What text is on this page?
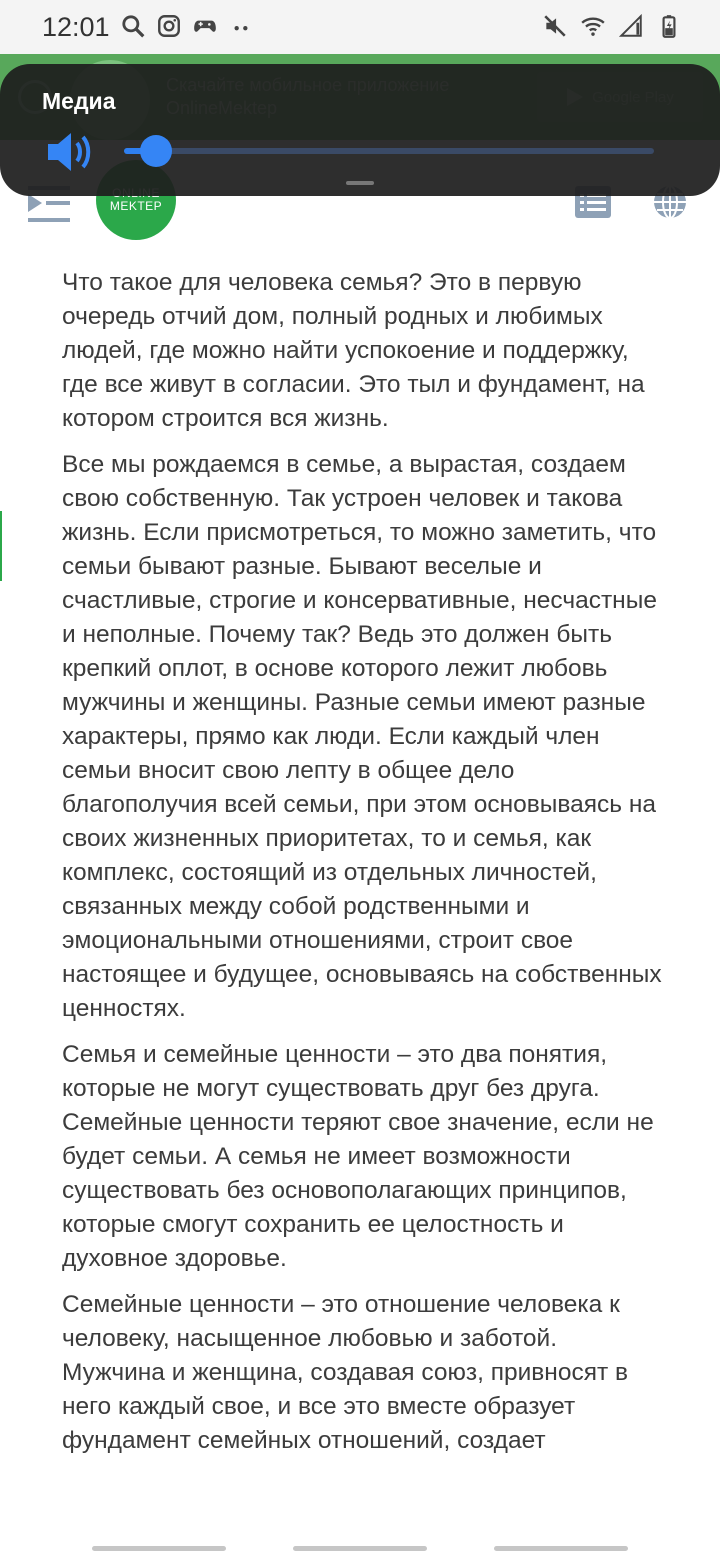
12:01
MEKTEP
Медиа

Что такое для человека семья? Это в первую очередь отчий дом, полный родных и любимых людей, где можно найти успокоение и поддержку, где все живут в согласии. Это тыл и фундамент, на котором строится вся жизнь.

Все мы рождаемся в семье, а вырастая, создаем свою собственную. Так устроен человек и такова жизнь. Если присмотреться, то можно заметить, что семьи бывают разные. Бывают веселые и счастливые, строгие и консервативные, несчастные и неполные. Почему так? Ведь это должен быть крепкий оплот, в основе которого лежит любовь мужчины и женщины. Разные семьи имеют разные характеры, прямо как люди. Если каждый член семьи вносит свою лепту в общее дело благополучия всей семьи, при этом основываясь на своих жизненных приоритетах, то и семья, как комплекс, состоящий из отдельных личностей, связанных между собой родственными и эмоциональными отношениями, строит свое настоящее и будущее, основываясь на собственных ценностях.

Семья и семейные ценности – это два понятия, которые не могут существовать друг без друга. Семейные ценности теряют свое значение, если не будет семьи. А семья не имеет возможности существовать без основополагающих принципов, которые смогут сохранить ее целостность и духовное здоровье.

Семейные ценности – это отношение человека к человеку, насыщенное любовью и заботой. Мужчина и женщина, создавая союз, привносят в него каждый свое, и все это вместе образует фундамент семейных отношений, создает
